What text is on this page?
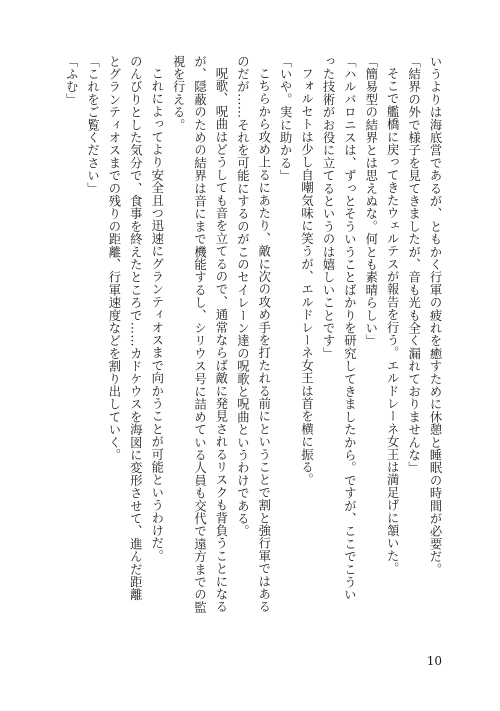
いうよりは海底営であるが、ともかく行軍の疲れを癒すために休憩と睡眠の時間が必要だ。
「結界の外で様子を見てきましたが、音も光も全く漏れておりませんな」
そこで艦橋に戻ってきたウェルテスが報告を行う。エルドレーネ女王は満足げに頷いた。
「簡易型の結界とは思えぬな。何とも素晴らしい」
「ハルバロニスは、ずっとそういうことばかりを研究してきましたから。ですが、ここでこうい
った技術がお役に立てるというのは嬉しいことです」
フォルセトは少し自嘲気味に笑うが、エルドレーネ女王は首を横に振る。
「いや。実に助かる」
こちらから攻め上るにあたり、敵に次の攻め手を打たれる前にということで割と強行軍ではある
のだが……それを可能にするのがこのセイレーン達の呪歌と呪曲というわけである。
呪歌、呪曲はどうしても音を立てるので、通常ならば敵に発見されるリスクも背負うことになる
が、隠蔽のための結界は音にまで機能するし、シリウス号に詰めている人員も交代で遠方までの監
視を行える。
これによってより安全且つ迅速にグランティオスまで向かうことが可能というわけだ。
のんびりとした気分で、食事を終えたところで……カドケウスを海図に変形させて、進んだ距離
とグランティオスまでの残りの距離、行軍速度などを割り出していく。
「これをご覧ください」
「ふむ」
10
